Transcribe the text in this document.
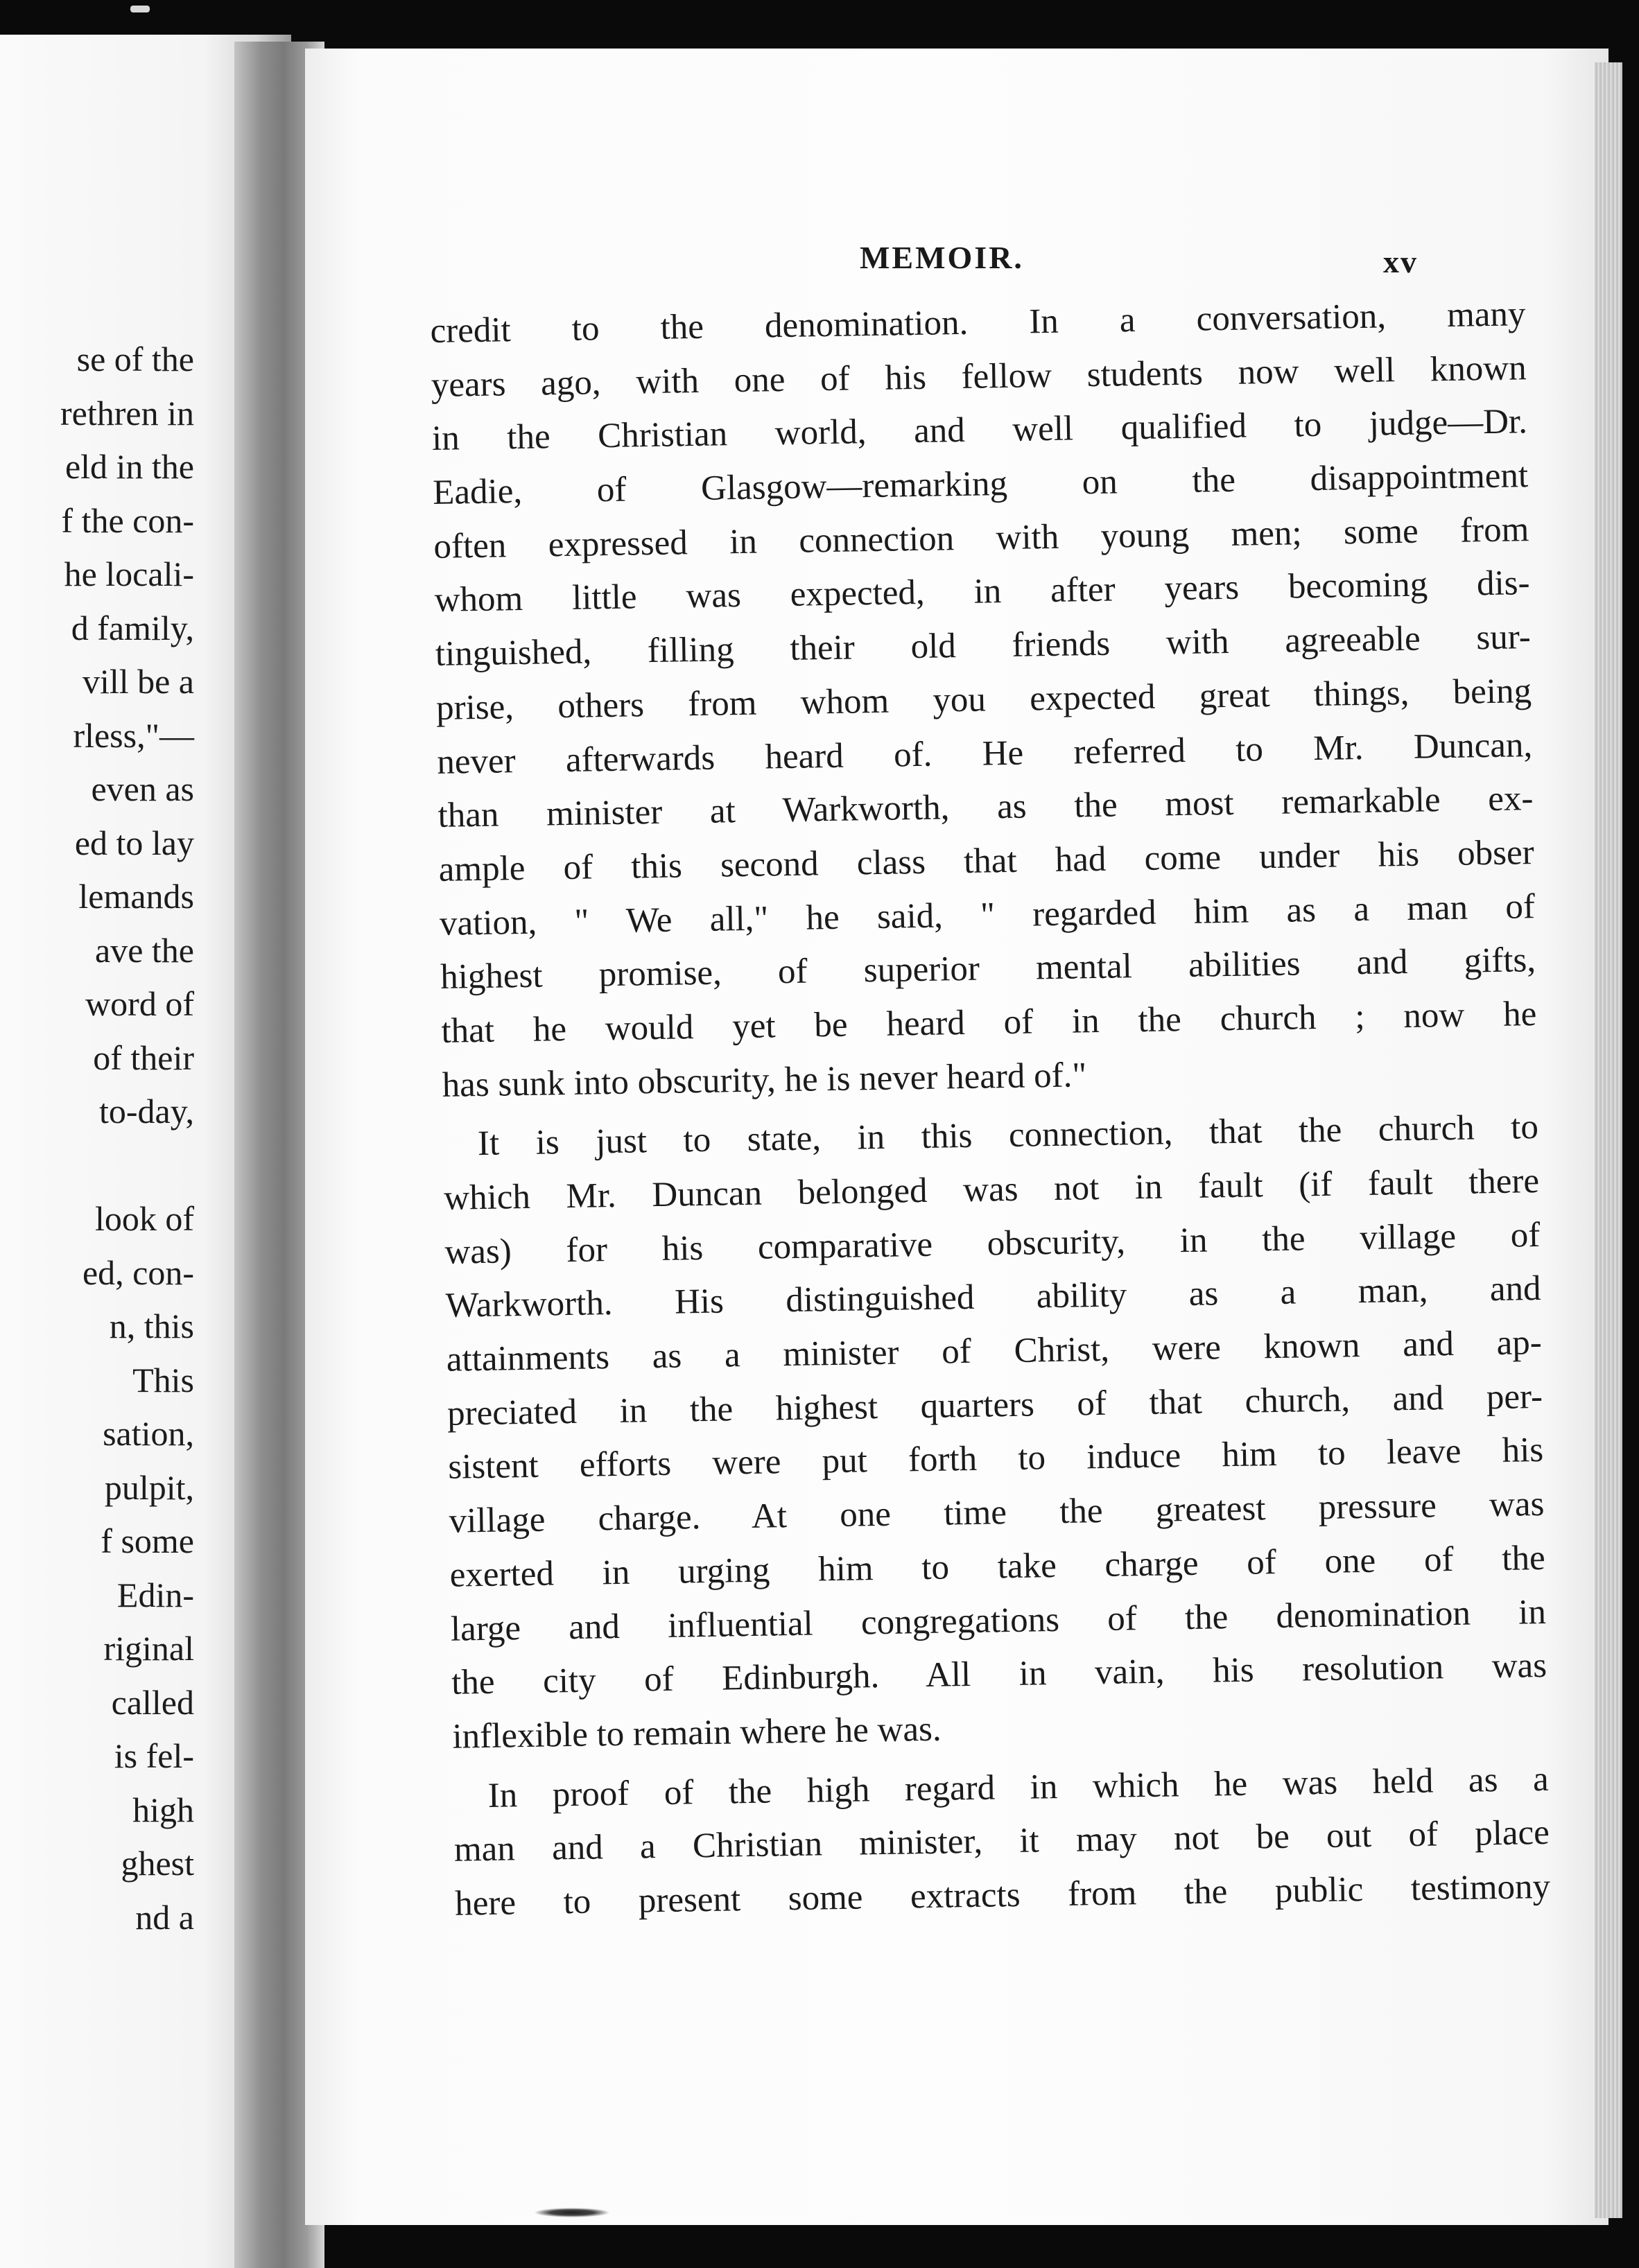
se of the
rethren in
eld in the
f the con-
he locali-
d family,
vill be a
rless,"—
even as
ed to lay
lemands
ave the
word of
of their
to-day,
look of
ed, con-
n, this
This
sation,
pulpit,
f some
Edin-
riginal
called
is fel-
high
ghest
nd a
MEMOIR.	xv
credit to the denomination. In a conversation, many
years ago, with one of his fellow students now well known
in the Christian world, and well qualified to judge—Dr.
Eadie, of Glasgow—remarking on the disappointment
often expressed in connection with young men; some from
whom little was expected, in after years becoming dis-
tinguished, filling their old friends with agreeable sur-
prise, others from whom you expected great things, being
never afterwards heard of. He referred to Mr. Duncan,
than minister at Warkworth, as the most remarkable ex-
ample of this second class that had come under his obser
vation, " We all," he said, " regarded him as a man of
highest promise, of superior mental abilities and gifts,
that he would yet be heard of in the church ; now he
has sunk into obscurity, he is never heard of."
It is just to state, in this connection, that the church to
which Mr. Duncan belonged was not in fault (if fault there
was) for his comparative obscurity, in the village of
Warkworth. His distinguished ability as a man, and
attainments as a minister of Christ, were known and ap-
preciated in the highest quarters of that church, and per-
sistent efforts were put forth to induce him to leave his
village charge. At one time the greatest pressure was
exerted in urging him to take charge of one of the
large and influential congregations of the denomination in
the city of Edinburgh. All in vain, his resolution was
inflexible to remain where he was.
In proof of the high regard in which he was held as a
man and a Christian minister, it may not be out of place
here to present some extracts from the public testimony
